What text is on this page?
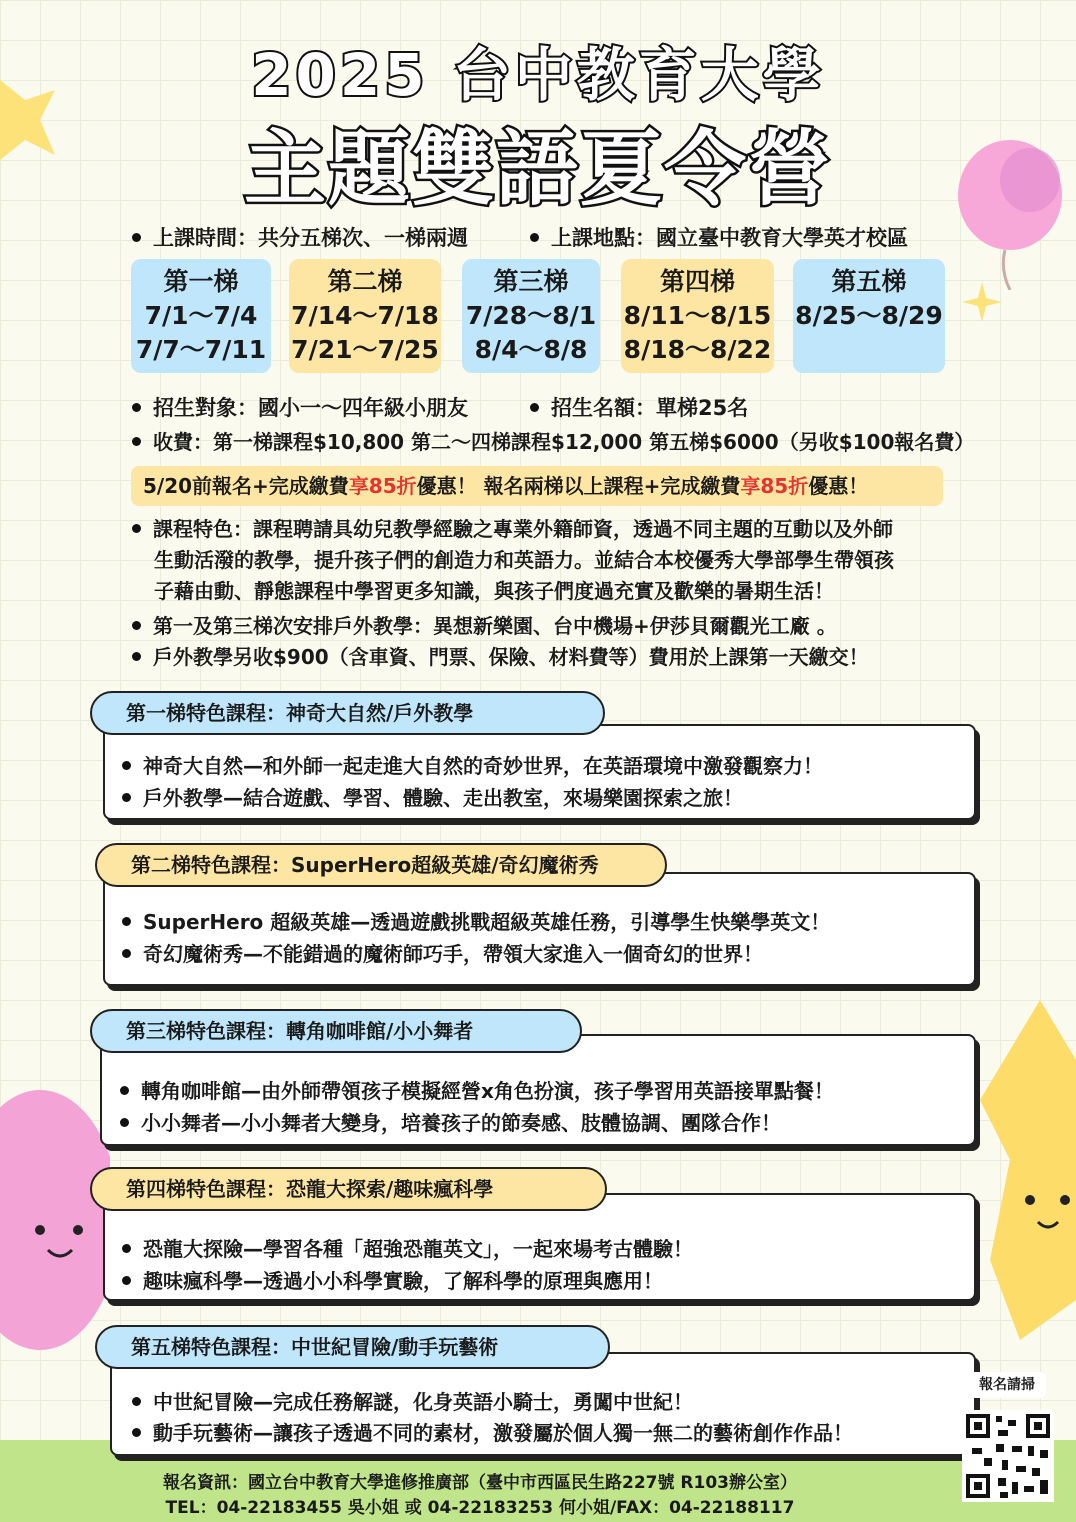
2025 台中教育大學
主題雙語夏令營
上課時間：共分五梯次、一梯兩週	上課地點：國立臺中教育大學英才校區
第一梯
7/1～7/4
7/7～7/11
第二梯
7/14～7/18
7/21～7/25
第三梯
7/28～8/1
8/4～8/8
第四梯
8/11～8/15
8/18～8/22
第五梯
8/25～8/29
招生對象：國小一～四年級小朋友	招生名額：單梯25名
收費：第一梯課程$10,800 第二～四梯課程$12,000 第五梯$6000（另收$100報名費）
5/20前報名+完成繳費享85折優惠！ 報名兩梯以上課程+完成繳費享85折優惠！
課程特色：課程聘請具幼兒教學經驗之專業外籍師資，透過不同主題的互動以及外師
生動活潑的教學，提升孩子們的創造力和英語力。並結合本校優秀大學部學生帶領孩
子藉由動、靜態課程中學習更多知識，與孩子們度過充實及歡樂的暑期生活！
第一及第三梯次安排戶外教學：異想新樂園、台中機場+伊莎貝爾觀光工廠 。
戶外教學另收$900（含車資、門票、保險、材料費等）費用於上課第一天繳交！
第一梯特色課程：神奇大自然/戶外教學
神奇大自然—和外師一起走進大自然的奇妙世界，在英語環境中激發觀察力！
戶外教學—結合遊戲、學習、體驗、走出教室，來場樂園探索之旅！
第二梯特色課程：SuperHero超級英雄/奇幻魔術秀
SuperHero 超級英雄—透過遊戲挑戰超級英雄任務，引導學生快樂學英文！
奇幻魔術秀—不能錯過的魔術師巧手，帶領大家進入一個奇幻的世界！
第三梯特色課程：轉角咖啡館/小小舞者
轉角咖啡館—由外師帶領孩子模擬經營x角色扮演，孩子學習用英語接單點餐！
小小舞者—小小舞者大變身，培養孩子的節奏感、肢體協調、團隊合作！
第四梯特色課程：恐龍大探索/趣味瘋科學
恐龍大探險—學習各種「超強恐龍英文」，一起來場考古體驗！
趣味瘋科學—透過小小科學實驗，了解科學的原理與應用！
第五梯特色課程：中世紀冒險/動手玩藝術
中世紀冒險—完成任務解謎，化身英語小騎士，勇闖中世紀！
動手玩藝術—讓孩子透過不同的素材，激發屬於個人獨一無二的藝術創作作品！
報名請掃
報名資訊：國立台中教育大學進修推廣部（臺中市西區民生路227號 R103辦公室）
TEL：04-22183455 吳小姐 或 04-22183253 何小姐/FAX：04-22188117
